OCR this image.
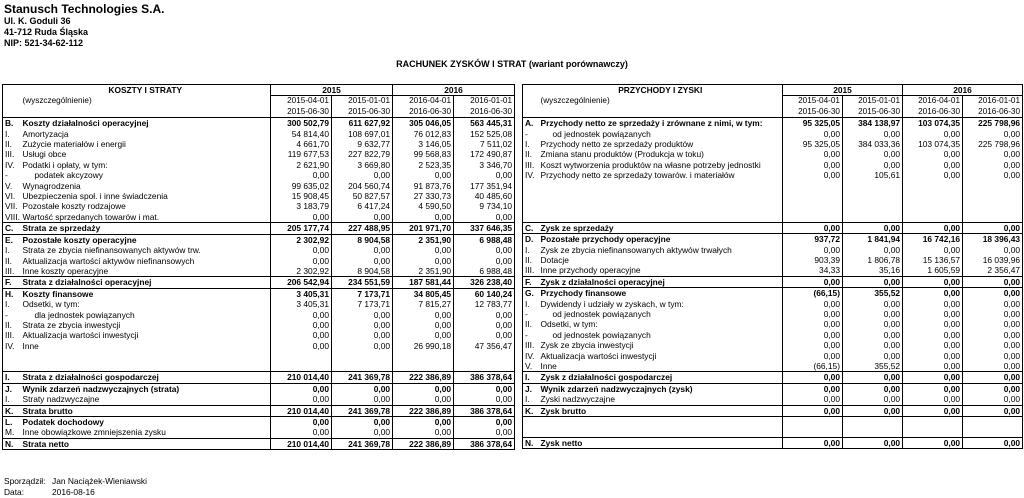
Stanusch Technologies S.A.
Ul. K. Goduli 36
41-712 Ruda Śląska
NIP: 521-34-62-112
RACHUNEK ZYSKÓW I STRAT (wariant porównawczy)
	KOSZTY I STRATY	2015		2016	
	(wyszczególnienie)	2015-04-01	2015-01-01	2016-04-01	2016-01-01
		2015-06-30	2015-06-30	2016-06-30	2016-06-30
B.	Koszty działalności operacyjnej	300 502,79	611 627,92	305 046,05	563 445,31
I.	Amortyzacja	54 814,40	108 697,01	76 012,83	152 525,08
II.	Zużycie materiałów i energii	4 661,70	9 632,77	3 146,05	7 511,02
III.	Usługi obce	119 677,53	227 822,79	99 568,83	172 490,87
IV.	Podatki i opłaty, w tym:	2 621,90	3 669,80	2 523,35	3 346,70
-	podatek akcyzowy	0,00	0,00	0,00	0,00
V.	Wynagrodzenia	99 635,02	204 560,74	91 873,76	177 351,94
VI.	Ubezpieczenia społ. i inne świadczenia	15 908,45	50 827,57	27 330,73	40 485,60
VII.	Pozostałe koszty rodzajowe	3 183,79	6 417,24	4 590,50	9 734,10
VIII.	Wartość sprzedanych towarów i mat.	0,00	0,00	0,00	0,00
C.	Strata ze sprzedaży	205 177,74	227 488,95	201 971,70	337 646,35
E.	Pozostałe koszty operacyjne	2 302,92	8 904,58	2 351,90	6 988,48
I.	Strata ze zbycia niefinansowanych aktywów trw.	0,00	0,00	0,00	0,00
II.	Aktualizacja wartości aktywów niefinansowych	0,00	0,00	0,00	0,00
III.	Inne koszty operacyjne	2 302,92	8 904,58	2 351,90	6 988,48
F.	Strata z działalności operacyjnej	206 542,94	234 551,59	187 581,44	326 238,40
H.	Koszty finansowe	3 405,31	7 173,71	34 805,45	60 140,24
I.	Odsetki, w tym:	3 405,31	7 173,71	7 815,27	12 783,77
-	dla jednostek powiązanych	0,00	0,00	0,00	0,00
II.	Strata ze zbycia inwestycji	0,00	0,00	0,00	0,00
III.	Aktualizacja wartości inwestycji	0,00	0,00	0,00	0,00
IV.	Inne	0,00	0,00	26 990,18	47 356,47

I.	Strata z działalności gospodarczej	210 014,40	241 369,78	222 386,89	386 378,64
J.	Wynik zdarzeń nadzwyczajnych (strata)	0,00	0,00	0,00	0,00
I.	Straty nadzwyczajne	0,00	0,00	0,00	0,00
K.	Strata brutto	210 014,40	241 369,78	222 386,89	386 378,64
L.	Podatek dochodowy	0,00	0,00	0,00	0,00
M.	Inne obowiązkowe zmniejszenia zysku	0,00	0,00	0,00	0,00
N.	Strata netto	210 014,40	241 369,78	222 386,89	386 378,64
	PRZYCHODY I ZYSKI	2015		2016	
	(wyszczególnienie)	2015-04-01	2015-01-01	2016-04-01	2016-01-01
		2015-06-30	2015-06-30	2016-06-30	2016-06-30
A.	Przychody netto ze sprzedaży i zrównane z nimi, w tym:	95 325,05	384 138,97	103 074,35	225 798,96
-	od jednostek powiązanych	0,00	0,00	0,00	0,00
I.	Przychody netto ze sprzedaży produktów	95 325,05	384 033,36	103 074,35	225 798,96
II.	Zmiana stanu produktów (Produkcja w toku)	0,00	0,00	0,00	0,00
III.	Koszt wytworzenia produktów na własne potrzeby jednostki	0,00	0,00	0,00	0,00
IV.	Przychody netto ze sprzedaży towarów. i materiałów	0,00	105,61	0,00	0,00

C.	Zysk ze sprzedaży	0,00	0,00	0,00	0,00
D.	Pozostałe przychody operacyjne	937,72	1 841,94	16 742,16	18 396,43
I.	Zysk ze zbycia niefinansowanych aktywów trwałych	0,00	0,00	0,00	0,00
II.	Dotacje	903,39	1 806,78	15 136,57	16 039,96
III.	Inne przychody operacyjne	34,33	35,16	1 605,59	2 356,47
F.	Zysk z działalności operacyjnej	0,00	0,00	0,00	0,00
G.	Przychody finansowe	(66,15)	355,52	0,00	0,00
I.	Dywidendy i udziały w zyskach, w tym:	0,00	0,00	0,00	0,00
-	od jednostek powiązanych	0,00	0,00	0,00	0,00
II.	Odsetki, w tym:	0,00	0,00	0,00	0,00
-	od jednostek powiązanych	0,00	0,00	0,00	0,00
III.	Zysk ze zbycia inwestycji	0,00	0,00	0,00	0,00
IV.	Aktualizacja wartości inwestycji	0,00	0,00	0,00	0,00
V.	Inne	(66,15)	355,52	0,00	0,00
I.	Zysk z działalności gospodarczej	0,00	0,00	0,00	0,00
J.	Wynik zdarzeń nadzwyczajnych (zysk)	0,00	0,00	0,00	0,00
I.	Zyski nadzwyczajne	0,00	0,00	0,00	0,00
K.	Zysk brutto	0,00	0,00	0,00	0,00

N.	Zysk netto	0,00	0,00	0,00	0,00
Sporządził: Jan Naciążek-Wieniawski
Data:	2016-08-16
